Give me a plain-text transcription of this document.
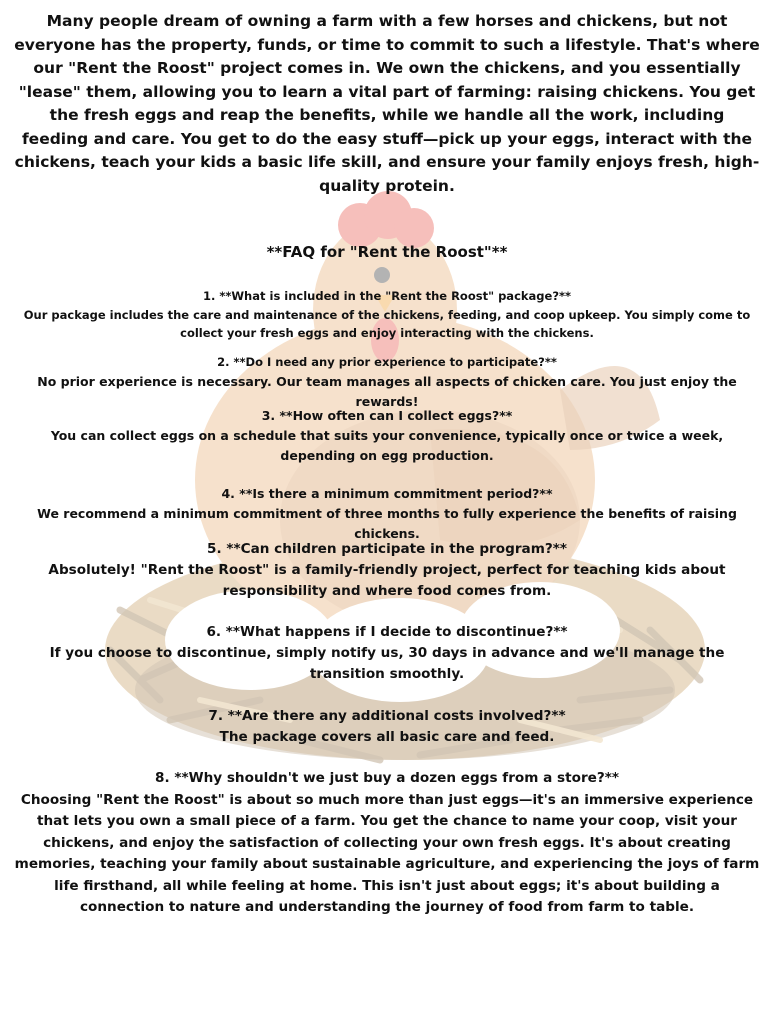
Many people dream of owning a farm with a few horses and chickens, but not everyone has the property, funds, or time to commit to such a lifestyle. That's where our "Rent the Roost" project comes in. We own the chickens, and you essentially "lease" them, allowing you to learn a vital part of farming: raising chickens. You get the fresh eggs and reap the benefits, while we handle all the work, including feeding and care. You get to do the easy stuff—pick up your eggs, interact with the chickens, teach your kids a basic life skill, and ensure your family enjoys fresh, high-quality protein.

**FAQ for "Rent the Roost"**

1. **What is included in the "Rent the Roost" package?**

Our package includes the care and maintenance of the chickens, feeding, and coop upkeep. You simply come to collect your fresh eggs and enjoy interacting with the chickens.

2. **Do I need any prior experience to participate?**

No prior experience is necessary. Our team manages all aspects of chicken care. You just enjoy the rewards!

3. **How often can I collect eggs?**

You can collect eggs on a schedule that suits your convenience, typically once or twice a week, depending on egg production.

4. **Is there a minimum commitment period?**

We recommend a minimum commitment of three months to fully experience the benefits of raising chickens.

5. **Can children participate in the program?**

Absolutely! "Rent the Roost" is a family-friendly project, perfect for teaching kids about responsibility and where food comes from.

6. **What happens if I decide to discontinue?**

If you choose to discontinue, simply notify us, 30 days in advance and we'll manage the transition smoothly.

7. **Are there any additional costs involved?**

The package covers all basic care and feed.

8. **Why shouldn't we just buy a dozen eggs from a store?**

Choosing "Rent the Roost" is about so much more than just eggs—it's an immersive experience that lets you own a small piece of a farm. You get the chance to name your coop, visit your chickens, and enjoy the satisfaction of collecting your own fresh eggs. It's about creating memories, teaching your family about sustainable agriculture, and experiencing the joys of farm life firsthand, all while feeling at home. This isn't just about eggs; it's about building a connection to nature and understanding the journey of food from farm to table.
